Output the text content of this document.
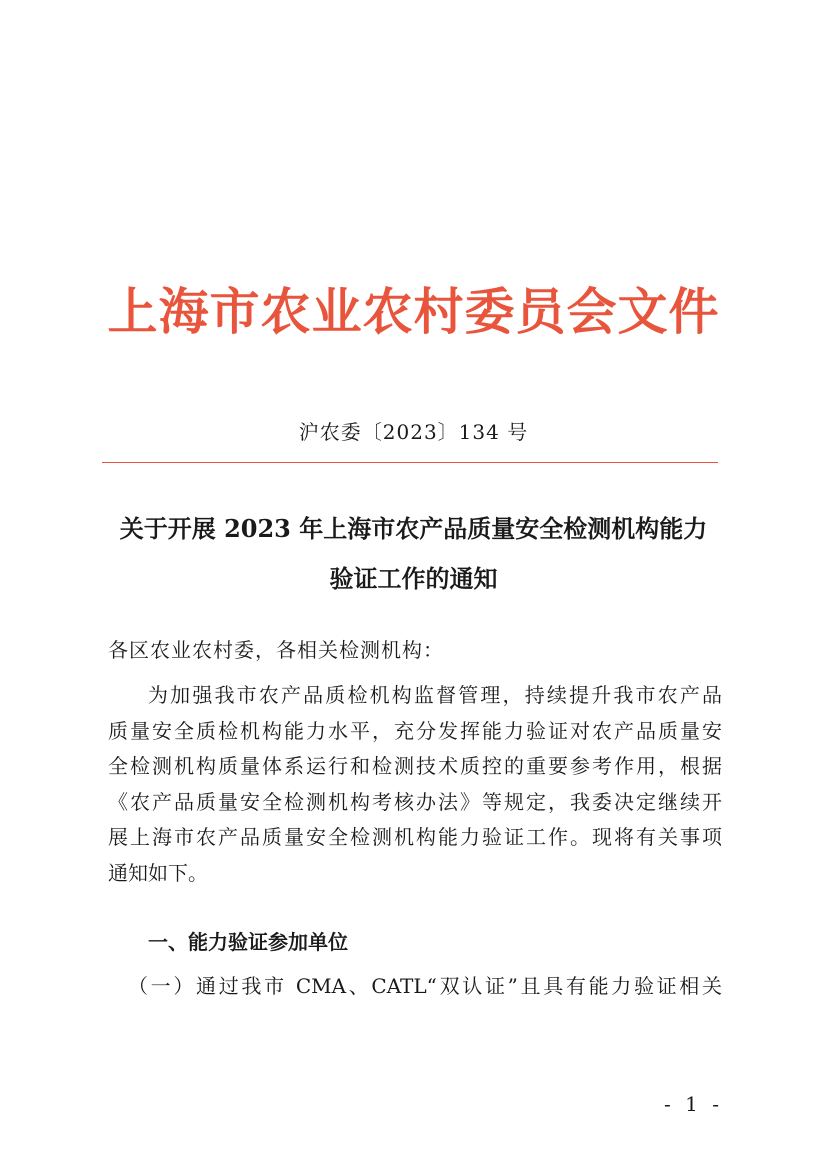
上海市农业农村委员会文件
沪农委〔2023〕134 号
关于开展 2023 年上海市农产品质量安全检测机构能力
验证工作的通知
各区农业农村委，各相关检测机构：
为加强我市农产品质检机构监督管理，持续提升我市农产品
质量安全质检机构能力水平，充分发挥能力验证对农产品质量安
全检测机构质量体系运行和检测技术质控的重要参考作用，根据
《农产品质量安全检测机构考核办法》等规定，我委决定继续开
展上海市农产品质量安全检测机构能力验证工作。现将有关事项
通知如下。
一、能力验证参加单位
（一）通过我市 CMA、CATL“双认证”且具有能力验证相关
- 1 -
